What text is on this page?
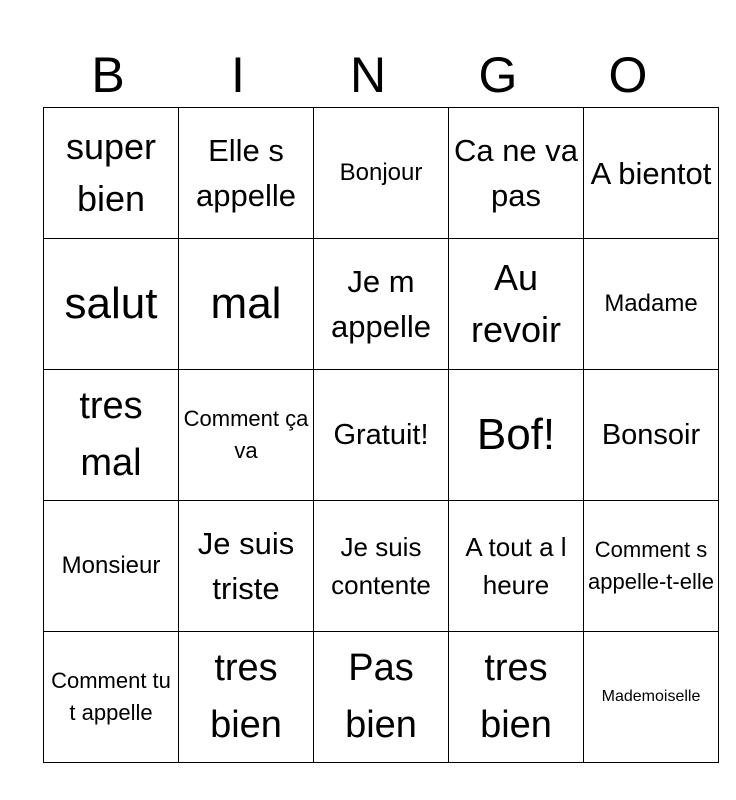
B	I	N	G	O
super bien	Elle s appelle	Bonjour	Ca ne va pas	A bientot

salut	mal	Je m appelle	Au revoir	Madame

tres mal	Comment ça va	Gratuit!	Bof!	Bonsoir

Monsieur	Je suis triste	Je suis contente	A tout a l heure	Comment s appelle-t-elle

Comment tu t appelle	tres bien	Pas bien	tres bien	Mademoiselle
